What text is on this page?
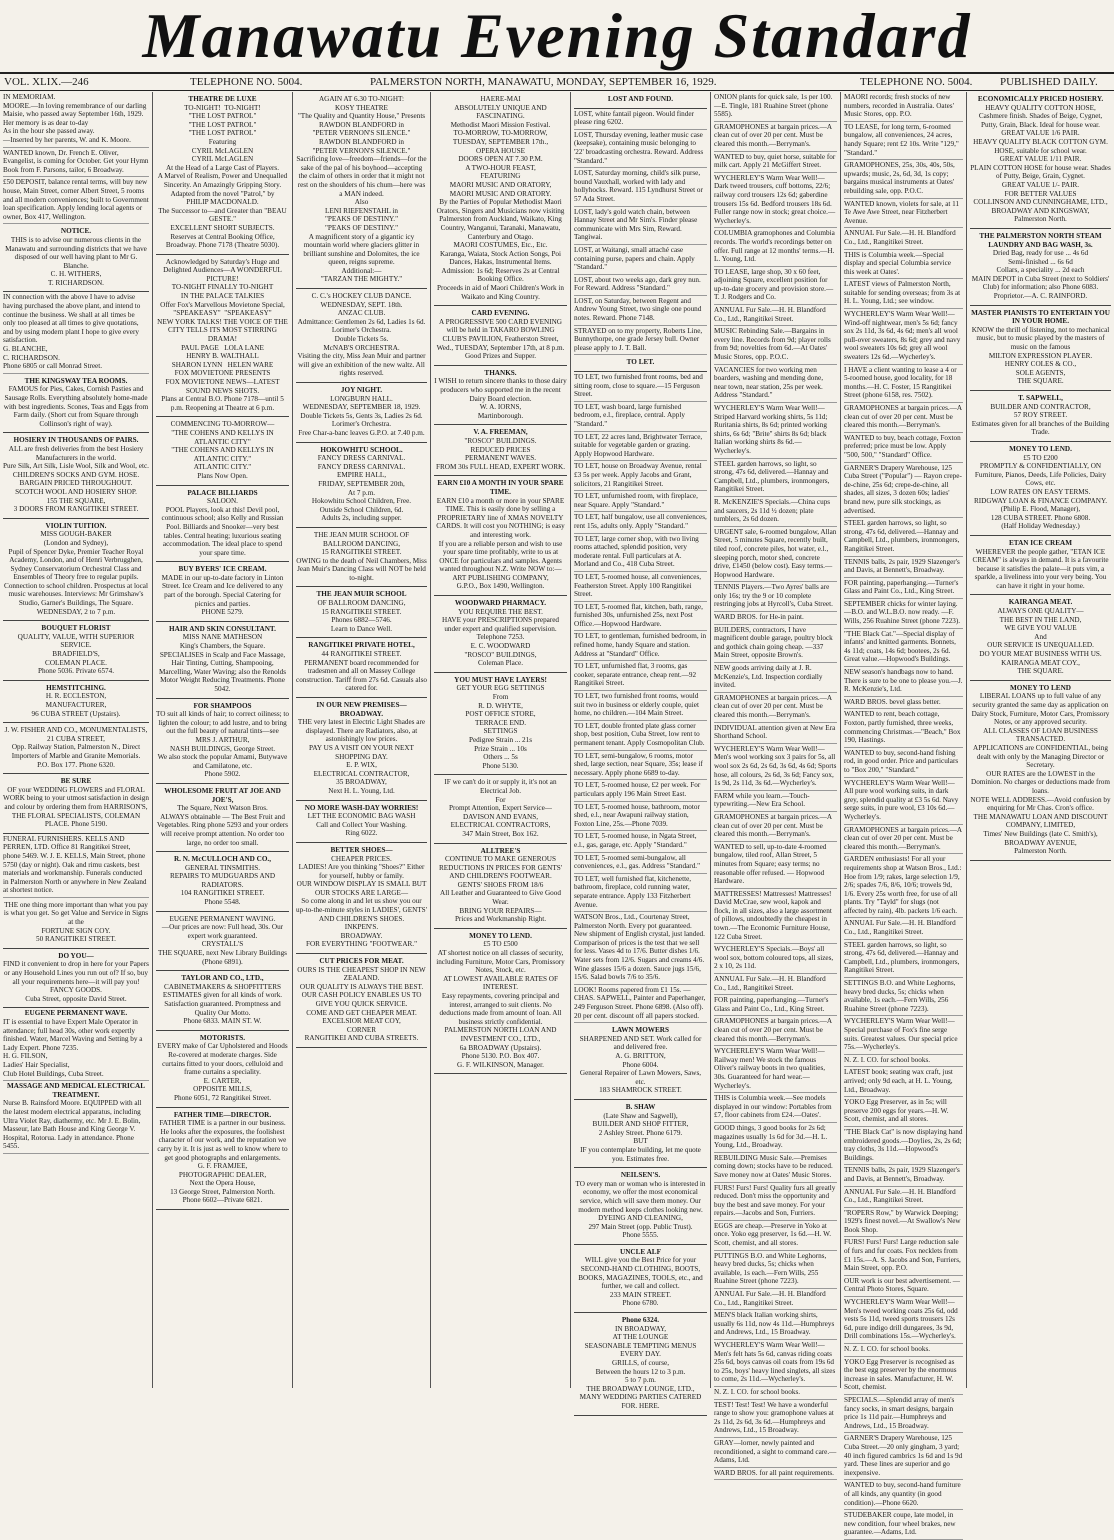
Manawatu Evening Standard
VOL. XLIX.—246	TELEPHONE NO. 5004.	PALMERSTON NORTH, MANAWATU, MONDAY, SEPTEMBER 16, 1929.	TELEPHONE NO. 5004.	PUBLISHED DAILY.
IN MEMORIAM.
MOORE.—In loving remembrance of our darling Maisie, who passed away September 16th, 1929.
Her memory is as dear to-day
As in the hour she passed away.
—Inserted by her parents, W. and K. Moore.
WANTED known, Dr. French E. Oliver, Evangelist, is coming for October. Get your Hymn Book from F. Parsons, tailor, 6 Broadway.
£50 DEPOSIT, balance rental terms, will buy new house, Main Street, corner Albert Street, 5 rooms and all modern conveniences; built to Government loan specification. Apply lending local agents or owner, Box 417, Wellington.
NOTICE.
THIS is to advise our numerous clients in the Manawatu and surrounding districts that we have disposed of our well having plant to Mr G. Blanche.
C. H. WITHERS,
T. RICHARDSON.
IN connection with the above I have to advise having purchased the above plant, and intend to continue the business. We shall at all times be only too pleased at all times to give quotations, and by using modern plant I hope to give every satisfaction.
G. BLANCHE,
C. RICHARDSON.
Phone 6805 or call Monrad Street.
THE KINGSWAY TEA ROOMS.
FAMOUS for Pies, Cakes, Cornish Pasties and Sausage Rolls. Everything absolutely home-made with best ingredients. Scones, Teas and Eggs from Farm daily. (Short cut from Square through Collinson's right of way).
HOSIERY IN THOUSANDS OF PAIRS.
ALL are fresh deliveries from the best Hosiery Manufacturers in the world.
Pure Silk, Art Silk, Lisle Wool, Silk and Wool, etc.
CHILDREN'S SOCKS AND GYM. HOSE.
BARGAIN PRICED THROUGHOUT.
SCOTCH WOOL AND HOSIERY SHOP.
155 THE SQUARE,
3 DOORS FROM RANGITIKEI STREET.
VIOLIN TUITION.
MISS GOUGH-BAKER
(London and Sydney),
Pupil of Spencer Dyke, Premier Teacher Royal Academy, London, and of Henri Verbrugghen, Sydney Conservatorium Orchestral Class and Ensembles of Theory free to regular pupils. Connection to school children. Prospectus at local music warehouses. Interviews: Mr Grimshaw's Studio, Garner's Buildings, The Square.
WEDNESDAY, 2 to 7 p.m.
BOUQUET FLORIST
QUALITY, VALUE, WITH SUPERIOR SERVICE.
BRADFIELD'S,
COLEMAN PLACE.
Phone 5036. Private 6574.
HEMSTITCHING.
H. R. ECCLESTON,
MANUFACTURER,
96 CUBA STREET (Upstairs).
J. W. FISHER AND CO., MONUMENTALISTS, 21 CUBA STREET,
Opp. Railway Station, Palmerston N., Direct Importers of Marble and Granite Memorials.
P.O. Box 177. Phone 6320.
BE SURE
OF your WEDDING FLOWERS and FLORAL WORK being to your utmost satisfaction in design and colour by ordering them from HARRISON'S, THE FLORAL SPECIALISTS, COLEMAN PLACE. Phone 5190.
FUNERAL FURNISHERS. KELLS AND PERREN, LTD. Office 81 Rangitikei Street, phone 5469. W. J. E. KELLS, Main Street, phone 5750 (day or night). Oak and rimu caskets, best materials and workmanship. Funerals conducted in Palmerston North or anywhere in New Zealand at shortest notice.
THE one thing more important than what you pay is what you get. So get Value and Service in Signs at the
FORTUNE SIGN COY.
50 RANGITIKEI STREET.
DO YOU—
FIND it convenient to drop in here for your Papers or any Household Lines you run out of? If so, buy all your requirements here—it will pay you!
FANCY GOODS.
Cuba Street, opposite David Street.
EUGENE PERMANENT WAVE.
IT is essential to have Expert Male Operator in attendance; full head 30s, other work expertly finished. Water, Marcel Waving and Setting by a Lady Expert. Phone 7235.
H. G. FILSON,
Ladies' Hair Specialist,
Club Hotel Buildings, Cuba Street.
MASSAGE AND MEDICAL ELECTRICAL TREATMENT.
Nurse B. Rainsford Moore. EQUIPPED with all the latest modern electrical apparatus, including Ultra Violet Ray, diathermy, etc. Mr J. E. Bolin, Masseur, late Bath House and King George V. Hospital, Rotorua. Lady in attendance. Phone 5455.
THEATRE DE LUXE
TO-NIGHT!  TO-NIGHT!
"THE LOST PATROL"
"THE LOST PATROL"
"THE LOST PATROL"
Featuring
CYRIL McLAGLEN
CYRIL McLAGLEN
At the Head of a Large Cast of Players.
A Marvel of Realism, Power and Unequalled Sincerity. An Amazingly Gripping Story.
Adapted from the novel "Patrol," by
PHILIP MACDONALD.
The Successor to—and Greater than "BEAU GESTE."
EXCELLENT SHORT SUBJECTS.
Reserves at Central Booking Office, Broadway. Phone 7178 (Theatre 5030).
Acknowledged by Saturday's Huge and Delighted Audiences—A WONDERFUL PICTURE!
TO-NIGHT FINALLY TO-NIGHT
IN THE PALACE TALKIES
Offer Fox's Marvellous Movietone Special,
"SPEAKEASY"  "SPEAKEASY"
NEW YORK TALKS! THE VOICE OF THE CITY TELLS ITS MOST STIRRING DRAMA!
PAUL PAGE   LOLA LANE
HENRY B. WALTHALL
SHARON LYNN   HELEN WARE
FOX MOVIETONE PRESENTS
FOX MOVIETONE NEWS—LATEST SOUND NEWS SHOTS.
Plans at Central B.O. Phone 7178—until 5 p.m. Reopening at Theatre at 6 p.m.
COMMENCING TO-MORROW—
"THE COHENS AND KELLYS IN ATLANTIC CITY"
"THE COHENS AND KELLYS IN ATLANTIC CITY."
ATLANTIC CITY."
Plans Now Open.
PALACE BILLIARDS
SALOON.
POOL Players, look at this! Devil pool, continuous school; also Kelly and Russian Pool. Billiards and Snooker—very best tables. Central heating; luxurious seating accommodation. The ideal place to spend your spare time.
BUY BYERS' ICE CREAM.
MADE in our up-to-date factory in Linton Street. Ice Cream and Ice delivered to any part of the borough. Special Catering for picnics and parties.
PHONE 5279.
HAIR AND SKIN CONSULTANT.
MISS NANE MATHESON
King's Chambers, the Square.
SPECIALISES in Scalp and Face Massage, Hair Tinting, Cutting, Shampooing, Marcelling, Water Waving; also the Renolds Motor Weight Reducing Treatments. Phone 5042.
FOR SHAMPOOS
TO suit all kinds of hair; to correct oiliness; to lighten the colour; to add lustre, and to bring out the full beauty of natural tints—see
MRS J. ARTHUR,
NASH BUILDINGS, George Street.
We also stock the popular Amami, Butywave and Camilatone, etc.
Phone 5902.
WHOLESOME FRUIT AT JOE AND JOE'S,
The Square, Next Watson Bros.
ALWAYS obtainable — The Best Fruit and Vegetables. Ring phone 5293 and your orders will receive prompt attention. No order too large, no order too small.
R. N. McCULLOCH AND CO.,
GENERAL TINSMITHS.
REPAIRS TO MUDGUARDS AND RADIATORS.
104 RANGITIKEI STREET.
Phone 5548.
EUGENE PERMANENT WAVING.
—Our prices are now: Full head, 30s. Our expert work guaranteed.
CRYSTALL'S
THE SQUARE, next New Library Buildings (Phone 6891).
TAYLOR AND CO., LTD.,
CABINETMAKERS & SHOPFITTERS
ESTIMATES given for all kinds of work. Satisfaction guaranteed. Promptness and Quality Our Motto.
Phone 6833. MAIN ST. W.
MOTORISTS.
EVERY make of Car Upholstered and Hoods Re-covered at moderate charges. Side curtains fitted to your doors, celluloid and frame curtains a speciality.
E. CARTER,
OPPOSITE MILLS,
Phone 6051, 72 Rangitikei Street.
FATHER TIME—DIRECTOR.
FATHER TIME is a partner in our business. He looks after the exposures, the foolishest character of our work, and the reputation we carry by it. It is just as well to know where to get good photographs and enlargements.
G. F. FRAMJEE,
PHOTOGRAPHIC DEALER,
Next the Opera House,
13 George Street, Palmerston North.
Phone 6602—Private 6821.
AGAIN AT 6.30 TO-NIGHT:
KOSY THEATRE
"The Quality and Quantity House," Presents
RAWDON BLANDFORD in
"PETER VERNON'S SILENCE."
RAWDON BLANDFORD in
"PETER VERNON'S SILENCE."
Sacrificing love—freedom—friends—for the sake of the pal of his boyhood—accepting the claim of others in order that it might not rest on the shoulders of his chum—here was a MAN indeed.
Also
LENI RIEFENSTAHL in
"PEAKS OF DESTINY."
"PEAKS OF DESTINY."
A magnificent story of a gigantic icy mountain world where glaciers glitter in brilliant sunshine and Dolomites, the ice queen, reigns supreme.
Additional:—
"TARZAN THE MIGHTY."
C. C.'s HOCKEY CLUB DANCE.
WEDNESDAY, SEPT. 18th.
ANZAC CLUB.
Admittance: Gentlemen 2s 6d, Ladies 1s 6d. Lorimer's Orchestra.
Double Tickets 5s.
McNAB'S ORCHESTRA.
Visiting the city, Miss Jean Muir and partner will give an exhibition of the new waltz. All rights reserved.
JOY NIGHT.
LONGBURN HALL.
WEDNESDAY, SEPTEMBER 18, 1929.
Double Tickets 5s, Gents 3s, Ladies 2s 6d. Lorimer's Orchestra.
Free Char-a-banc leaves G.P.O. at 7.40 p.m.
HOKOWHITU SCHOOL.
FANCY DRESS CARNIVAL.
FANCY DRESS CARNIVAL.
EMPIRE HALL,
FRIDAY, SEPTEMBER 20th,
At 7 p.m.
Hokowhitu School Children, Free.
Outside School Children, 6d.
Adults 2s, including supper.
THE JEAN MUIR SCHOOL OF BALLROOM DANCING,
15 RANGITIKEI STREET.
OWING to the death of Neil Chambers, Miss Jean Muir's Dancing Class will NOT be held to-night.
THE JEAN MUIR SCHOOL
OF BALLROOM DANCING,
15 RANGITIKEI STREET.
Phones 6882—5746.
Learn to Dance Well.
RANGITIKEI PRIVATE HOTEL,
44 RANGITIKEI STREET.
PERMANENT board recommended for tradesmen and all on Massey College construction. Tariff from 27s 6d. Casuals also catered for.
IN OUR NEW PREMISES—BROADWAY.
THE very latest in Electric Light Shades are displayed. There are Radiators, also, at astonishingly low prices.
PAY US A VISIT ON YOUR NEXT SHOPPING DAY.
E. P. WIX,
ELECTRICAL CONTRACTOR,
35 BROADWAY,
Next H. L. Young, Ltd.
NO MORE WASH-DAY WORRIES!
LET THE ECONOMIC BAG WASH
Call and Collect Your Washing.
Ring 6022.
BETTER SHOES—
CHEAPER PRICES.
LADIES! Are you thinking "Shoes?" Either for yourself, hubby or family.
OUR WINDOW DISPLAY IS SMALL BUT OUR STOCKS ARE LARGE—
So come along in and let us show you our up-to-the-minute styles in LADIES', GENTS' AND CHILDREN'S SHOES.
INKPEN'S.
BROADWAY.
FOR EVERYTHING "FOOTWEAR."
CUT PRICES FOR MEAT.
OURS IS THE CHEAPEST SHOP IN NEW ZEALAND.
OUR QUALITY IS ALWAYS THE BEST.
OUR CASH POLICY ENABLES US TO GIVE YOU QUICK SERVICE.
COME AND GET CHEAPER MEAT.
EXCELSIOR MEAT COY,
CORNER
RANGITIKEI AND CUBA STREETS.
HAERE-MAI
ABSOLUTELY UNIQUE AND FASCINATING.
Methodist Maori Mission Festival.
TO-MORROW, TO-MORROW,
TUESDAY, SEPTEMBER 17th.,
OPERA HOUSE
DOORS OPEN AT 7.30 P.M.
A TWO-HOUR FEAST,
FEATURING
MAORI MUSIC AND ORATORY,
MAORI MUSIC AND ORATORY.
By the Parties of Popular Methodist Maori Orators, Singers and Musicians now visiting Palmerston from Auckland, Waikato, King Country, Wanganui, Taranaki, Manawatu, Canterbury and Otago.
MAORI COSTUMES, Etc., Etc.
Karanga, Waiata, Stock Action Songs, Poi Dances, Hakas, Instrumental Items.
Admission: 1s 6d; Reserves 2s at Central Booking Office.
Proceeds in aid of Maori Children's Work in Waikato and King Country.
CARD EVENING.
A PROGRESSIVE 500 CARD EVENING will be held in TAKARO BOWLING CLUB'S PAVILION, Featherston Street, Wed., TUESDAY, September 17th, at 8 p.m. Good Prizes and Supper.
THANKS.
I WISH to return sincere thanks to those dairy producers who supported me in the recent Dairy Board election.
W. A. IORNS,
Martinborough.
V. A. FREEMAN,
"ROSCO" BUILDINGS.
REDUCED PRICES
PERMANENT WAVES.
FROM 30s FULL HEAD, EXPERT WORK.
EARN £10 A MONTH IN YOUR SPARE TIME.
EARN £10 a month or more in your SPARE TIME. This is easily done by selling a PROPRIETARY line of XMAS NOVELTY CARDS. It will cost you NOTHING; is easy and interesting work.
If you are a reliable person and wish to use your spare time profitably, write to us at ONCE for particulars and samples. Agents wanted throughout N.Z. Write NOW to:—
ART PUBLISHING COMPANY,
G.P.O., Box 1490, Wellington.
WOODWARD PHARMACY.
YOU REQUIRE THE BEST.
HAVE your PRESCRIPTIONS prepared under expert and qualified supervision.
Telephone 7253.
E. C. WOODWARD
"ROSCO" BUILDINGS,
Coleman Place.
YOU MUST HAVE LAYERS!
GET YOUR EGG SETTINGS
From
R. D. WHYTE,
POST OFFICE STORE,
TERRACE END.
SETTINGS
Pedigree Strain ... 21s
Prize Strain ... 10s
Others ... 5s
Phone 5130.
IF we can't do it or supply it, it's not an Electrical Job.
For
Prompt Attention, Expert Service—
DAVISON AND EVANS,
ELECTRICAL CONTRACTORS,
347 Main Street, Box 162.
ALLTREE'S
CONTINUE TO MAKE GENEROUS REDUCTIONS IN PRICES FOR GENTS' AND CHILDREN'S FOOTWEAR.
GENTS' SHOES FROM 18/6
All Leather and Guaranteed to Give Good Wear.
BRING YOUR REPAIRS—
Prices and Workmanship Right.
MONEY TO LEND.
£5 TO £500
AT shortest notice on all classes of security, including Furniture, Motor Cars, Promissory Notes, Stock, etc.
AT LOWEST AVAILABLE RATES OF INTEREST.
Easy repayments, covering principal and interest, arranged to suit clients. No deductions made from amount of loan. All business strictly confidential.
PALMERSTON NORTH LOAN AND INVESTMENT CO., LTD.,
6a BROADWAY (Upstairs).
Phone 5130. P.O. Box 407.
G. F. WILKINSON, Manager.
LOST AND FOUND.
LOST, white fantail pigeon. Would finder please ring 6202.
LOST, Thursday evening, leather music case (keepsake), containing music belonging to '22' broadcasting orchestra. Reward. Address "Standard."
LOST, Saturday morning, child's silk purse, bound Vauxhall, worked with lady and hollyhocks. Reward. 115 Lyndhurst Street or 57 Ada Street.
LOST, lady's gold watch chain, between Hannay Street and Mr Sim's. Finder please communicate with Mrs Sim, Reward. Tangiwai.
LOST, at Waitangi, small attaché case containing purse, papers and chain. Apply "Standard."
LOST, about two weeks ago, dark grey nun. For Reward. Address "Standard."
LOST, on Saturday, between Regent and Andrew Young Street, two single one pound notes. Reward. Phone 7148.
STRAYED on to my property, Roberts Line, Bunnythorpe, one grade Jersey bull. Owner please apply to J. T. Ball.
TO LET.
TO LET, two furnished front rooms, bed and sitting room, close to square.—15 Ferguson Street.
TO LET, wash board, large furnished bedroom, e.l., fireplace, central. Apply "Standard."
TO LET, 22 acres land, Brightwater Terrace, suitable for vegetable garden or grazing. Apply Hopwood Hardware.
TO LET, house on Broadway Avenue, rental £3 5s per week. Apply Jacobs and Grant, solicitors, 21 Rangitikei Street.
TO LET, unfurnished room, with fireplace, near Square. Apply "Standard."
TO LET, half bungalow, use all conveniences, rent 15s, adults only. Apply "Standard."
TO LET, large corner shop, with two living rooms attached, splendid position, very moderate rental. Full particulars at A. Morland and Co., 418 Cuba Street.
TO LET, 5-roomed house, all conveniences, Featherston Street. Apply 100 Rangitikei Street.
TO LET, 5-roomed flat, kitchen, bath, range, furnished 30s, unfurnished 25s, next Post Office.—Hopwood Hardware.
TO LET, to gentleman, furnished bedroom, in refined home, handy Square and station. Address at "Standard" Office.
TO LET, unfurnished flat, 3 rooms, gas cooker, separate entrance, cheap rent.—92 Rangitikei Street.
TO LET, two furnished front rooms, would suit two in business or elderly couple, quiet home, no children.—104 Main Street.
TO LET, double fronted plate glass corner shop, best position, Cuba Street, low rent to permanent tenant. Apply Cosmopolitan Club.
TO LET, semi-bungalow, 6 rooms, motor shed, large section, near Square, 35s; lease if necessary. Apply phone 6689 to-day.
TO LET, 5-roomed house, £2 per week. For particulars apply 196 Main Street East.
TO LET, 5-roomed house, bathroom, motor shed, e.l., near Awapuni railway station, Foxton Line, 25s.—Phone 7039.
TO LET, 5-roomed house, in Ngata Street, e.l., gas, garage, etc. Apply "Standard."
TO LET, 5-roomed semi-bungalow, all conveniences, e.l., gas. Address "Standard."
TO LET, well furnished flat, kitchenette, bathroom, fireplace, cold running water, separate entrance. Apply 133 Fitzherbert Avenue.
WATSON Bros., Ltd., Courtenay Street, Palmerston North. Every pot guaranteed. New shipment of English crystal, just landed. Comparison of prices is the test that we sell for less. Vases 4d to 17/6. Butter dishes 1/6. Water sets from 12/6. Sugars and creams 4/6. Wine glasses 15/6 a dozen. Sauce jugs 15/6, 15/6. Salad bowls 7/6 to 35/6.
LOOK! Rooms papered from £1 15s. —CHAS. SAPWELL, Painter and Paperhanger, 249 Ferguson Street. Phone 6898. (Also off). 20 per cent. discount off all papers stocked.
LAWN MOWERS
SHARPENED AND SET. Work called for and delivered free.
A. G. BRITTON,
Phone 6004.
General Repairer of Lawn Mowers, Saws, etc.
183 SHAMROCK STREET.
B. SHAW
(Late Shaw and Sagwell),
BUILDER AND SHOP FITTER,
2 Ashley Street. Phone 6179.
BUT
IF you contemplate building, let me quote you. Estimates free.
NEILSEN'S.
TO every man or woman who is interested in economy, we offer the most economical service, which will save them money. Our modern method keeps clothes looking new.
DYEING AND CLEANING,
297 Main Street (opp. Public Trust).
Phone 5555.
UNCLE ALF
WILL give you the Best Price for your SECOND-HAND CLOTHING, BOOTS, BOOKS, MAGAZINES, TOOLS, etc., and further, we call and collect.
233 MAIN STREET.
Phone 6780.
Phone 6324.
IN BROADWAY,
AT THE LOUNGE
SEASONABLE TEMPTING MENUS EVERY DAY.
GRILLS, of course,
Between the hours 12 to 3 p.m.
5 to 7 p.m.
THE BROADWAY LOUNGE, LTD.,
MANY WEDDING PARTIES CATERED FOR. HERE.
ONION plants for quick sale, 1s per 100.—E. Tingle, 181 Ruahine Street (phone 5585).
GRAMOPHONES at bargain prices.—A clean cut of over 20 per cent. Must be cleared this month.—Berryman's.
WANTED to buy, quiet horse, suitable for milk cart. Apply 21 McGiffert Street.
WYCHERLEY'S Warm Wear Well!—Dark tweed trousers, cuff bottoms, 22/6; railway cord trousers 12s 6d; gaberdine trousers 15s 6d. Bedford trousers 18s 6d. Fuller range now in stock; great choice.—Wycherley's.
COLUMBIA gramophones and Columbia records. The world's recordings better on offer. Full range at 12 months' terms.—H. L. Young, Ltd.
TO LEASE, large shop, 30 x 60 feet, adjoining Square, excellent position for up-to-date grocery and provision store.—T. J. Rodgers and Co.
ANNUAL Fur Sale.—H. H. Blandford Co., Ltd., Rangitikei Street.
MUSIC Rebinding Sale.—Bargains in every line. Records from 9d; player rolls from 9d; novelties from 6d.—At Oates' Music Stores, opp. P.O.C.
VACANCIES for two working men boarders, washing and mending done, near town, near station, 25s per week. Address "Standard."
WYCHERLEY'S Warm Wear Well!—Striped Harvard working shirts, 5s 11d; Ruritania shirts, 8s 6d; printed working shirts, 6s 6d; "Brite" shirts 8s 6d; black Italian working shirts 8s 6d.—Wycherley's.
STEEL garden harrows, so light, so strong, 47s 6d, delivered.—Hannay and Campbell, Ltd., plumbers, ironmongers, Rangitikei Street.
R. McKENZIE'S Specials.—China cups and saucers, 2s 11d ½ dozen; plate tumblers, 2s 6d dozen.
URGENT sale, 6-roomed bungalow, Allan Street, 5 minutes Square, recently built, tiled roof, concrete piles, hot water, e.l., sleeping porch, motor shed, concrete drive, £1450 (below cost). Easy terms.—Hopwood Hardware.
TENNIS Players.—Two Ayres' balls are only 16s; try the 9 or 10 complete restringing jobs at Hyrcoll's, Cuba Street.
WARD BROS. for He-in paint.
BUILDERS, contractors, I have magnificent double garage, poultry block and gothick chain going cheap. —337 Main Street, opposite Brown's.
NEW goods arriving daily at J. R. McKenzie's, Ltd. Inspection cordially invited.
GRAMOPHONES at bargain prices.—A clean cut of over 20 per cent. Must be cleared this month.—Berryman's.
INDIVIDUAL attention given at New Era Shorthand School.
WYCHERLEY'S Warm Wear Well!—Men's wool working sox 3 pairs for 5s, all wool sox 2s 6d, 2s 6d, 3s 6d, 4s 6d; Sports hose, all colours, 2s 6d, 3s 6d; Fancy sox, 1s 9d, 2s 11d, 3s 6d.—Wycherley's.
FARM while you learn.—Touch-typewriting.—New Era School.
GRAMOPHONES at bargain prices.—A clean cut of over 20 per cent. Must be cleared this month.—Berryman's.
WANTED to sell, up-to-date 4-roomed bungalow, tiled roof, Allan Street, 5 minutes from Square; easy terms; no reasonable offer refused. — Hopwood Hardware.
MATTRESSES! Mattresses! Mattresses! David McCrae, sew wool, kapok and flock, in all sizes, also a large assortment of pillows, undoubtedly the cheapest in town.—The Economic Furniture House, 122 Cuba Street.
WYCHERLEY'S Specials.—Boys' all wool sox, bottom coloured tops, all sizes, 2 x 10, 2s 11d.
ANNUAL Fur Sale.—H. H. Blandford Co., Ltd., Rangitikei Street.
FOR painting, paperhanging.—Turner's Glass and Paint Co., Ltd., King Street.
GRAMOPHONES at bargain prices.—A clean cut of over 20 per cent. Must be cleared this month.—Berryman's.
WYCHERLEY'S Warm Wear Well!—Railway men! We stock the famous Oliver's railway boots in two qualities, 30s. Guaranteed for hard wear.—Wycherley's.
THIS is Columbia week.—See models displayed in our window: Portables from £7, floor cabinets from £24.—Oates'.
GOOD things, 3 good books for 2s 6d; magazines usually 1s 6d for 3d.—H. L. Young, Ltd., Broadway.
REBUILDING Music Sale.—Premises coming down; stocks have to be reduced. Save money now at Oates' Music Stores.
FURS! Furs! Furs! Quality furs all greatly reduced. Don't miss the opportunity and buy the best and save money. For your repairs.—Jacobs and Son, Furriers.
EGGS are cheap.—Preserve in Yoko at once. Yoko egg preserver, 1s 6d.—H. W. Scott, chemist, and all stores.
PUTTINGS B.O. and White Leghorns, heavy bred ducks, 5s; chicks when available, 1s each.—Fern Wills, 255 Ruahine Street (phone 7223).
ANNUAL Fur Sale.—H. H. Blandford Co., Ltd., Rangitikei Street.
MEN'S black Italian working shirts, usually 6s 11d, now 4s 11d.—Humphreys and Andrews, Ltd., 15 Broadway.
WYCHERLEY'S Warm Wear Well!—Men's felt hats 5s 6d, canvas riding coats 25s 6d, boys canvas oil coats from 19s 6d to 25s, boys' heavy lined singlets, all sizes to come, 2s 11d.—Wycherley's.
N. Z. I. CO. for school books.
TEST! Test! Test! We have a wonderful range to show you: gramophone values at 2s 11d, 2s 6d, 3s 6d.—Humphreys and Andrews, Ltd., 15 Broadway.
GRAY—lorner, newly painted and reconditioned, a sight to command care.—Adams, Ltd.
WARD BROS. for all paint requirements.
MAORI records; fresh stocks of new numbers, recorded in Australia. Oates' Music Stores, opp. P.O.
TO LEASE, for long term, 6-roomed bungalow, all conveniences, 24 acres, handy Square; rent £2 10s. Write "129," "Standard."
GRAMOPHONES, 25s, 30s, 40s, 50s, upwards; music, 2s, 6d, 3d, 1s copy; bargains musical instruments at Oates' rebuilding sale, opp. P.O.C.
WANTED known, violets for sale, at 11 Te Awe Awe Street, near Fitzherbert Avenue.
ANNUAL Fur Sale.—H. H. Blandford Co., Ltd., Rangitikei Street.
THIS is Columbia week.—Special display and special Columbia service this week at Oates'.
LATEST views of Palmerston North, suitable for sending overseas; from 3s at H. L. Young, Ltd.; see window.
WYCHERLEY'S Warm Wear Well!—Wind-off nightwear, men's 5s 6d; fancy sox 2s 11d, 3s 6d, 4s 6d; men's all wool pull-over sweaters, 8s 6d; grey and navy wool sweaters 10s 6d; grey all wool sweaters 12s 6d.—Wycherley's.
I HAVE a client wanting to lease a 4 or 5-roomed house, good locality, for 18 months.—H. C. Foster, 15 Rangitikei Street (phone 6158, res. 7502).
GRAMOPHONES at bargain prices.—A clean cut of over 20 per cent. Must be cleared this month.—Berryman's.
WANTED to buy, beach cottage, Foxton preferred; price must be low. Apply "500, 500," "Standard" Office.
GARNER'S Drapery Warehouse, 125 Cuba Street ("Popular") — Rayon crepe-de-chine, 25s 6d; crepe-de-chine, all shades, all sizes, 3 dozen 60s; ladies' brand new, pure silk stockings, as advertised.
STEEL garden harrows, so light, so strong, 47s 6d, delivered.—Hannay and Campbell, Ltd., plumbers, ironmongers, Rangitikei Street.
TENNIS balls, 2s pair, 1929 Slazenger's and Davis, at Bennett's, Broadway.
FOR painting, paperhanging.—Turner's Glass and Paint Co., Ltd., King Street.
SEPTEMBER chicks for winter laying.—B.O. and W.L.B.O. now ready. —F. Wills, 256 Ruahine Street (phone 7223).
"THE Black Cat."—Special display of infants' and knitted garments. Bonnets, 4s 11d; coats, 14s 6d; bootees, 2s 6d. Great value.—Hopwood's Buildings.
NEW season's handbags now to hand. There is sure to be one to please you.—J. R. McKenzie's, Ltd.
WARD BROS. bevel glass better.
WANTED to rent, beach cottage, Foxton, partly furnished, three weeks, commencing Christmas.—"Beach," Box 190, Hastings.
WANTED to buy, second-hand fishing rod, in good order. Price and particulars to "Box 200," "Standard."
WYCHERLEY'S Warm Wear Well!—All pure wool working suits, in dark grey, splendid quality at £3 5s 6d. Navy serge suits, in pure wool, £3 10s 6d.—Wycherley's.
GRAMOPHONES at bargain prices.—A clean cut of over 20 per cent. Must be cleared this month.—Berryman's.
GARDEN enthusiasts! For all your requirements shop at Watson Bros., Ltd.: Hoe from 1/9; rakes, large selection 1/9, 2/6; spades 7/6, 8/6, 10/6; trowels 9d, 1/6. Every 25s worth free, for use of all plants. Try "Tayld" for slugs (not affected by rain), 4lb. packets 1/6 each.
ANNUAL Fur Sale.—H. H. Blandford Co., Ltd., Rangitikei Street.
STEEL garden harrows, so light, so strong, 47s 6d, delivered.—Hannay and Campbell, Ltd., plumbers, ironmongers, Rangitikei Street.
SETTINGS B.O. and White Leghorns, heavy bred ducks, 5s; chicks when available, 1s each.—Fern Wills, 256 Ruahine Street (phone 7223).
WYCHERLEY'S Warm Wear Well!—Special purchase of Fox's fine serge suits. Greatest values. Our special price 75s.—Wycherley's.
N. Z. I. CO. for school books.
LATEST book; seating wax craft, just arrived; only 9d each, at H. L. Young, Ltd., Broadway.
YOKO Egg Preserver, as in 5s; will preserve 200 eggs for years.—H. W. Scott, chemist, and all stores.
"THE Black Cat" is now displaying hand embroidered goods.—Doylies, 2s, 2s 6d; tray cloths, 3s 11d.—Hopwood's Buildings.
TENNIS balls, 2s pair, 1929 Slazenger's and Davis, at Bennett's, Broadway.
ANNUAL Fur Sale.—H. H. Blandford Co., Ltd., Rangitikei Street.
"ROPERS Row," by Warwick Deeping; 1929's finest novel.—At Swallow's New Book Shop.
FURS! Furs! Furs! Large reduction sale of furs and fur coats. Fox necklets from £1 15s.—A. S. Jacobs and Son, Furriers, Main Street, opp. P.O.
OUR work is our best advertisement. —Central Photo Stores, Square.
WYCHERLEY'S Warm Wear Well!—Men's tweed working coats 25s 6d, odd vests 5s 11d, tweed sports trousers 12s 6d, pure indigo drill dungarees, 3s 9d, Drill combinations 15s.—Wycherley's.
N. Z. I. CO. for school books.
YOKO Egg Preserver is recognised as the best egg preserver by the enormous increase in sales. Manufacturer, H. W. Scott, chemist.
SPECIALS.—Splendid array of men's fancy socks, in smart designs, bargain price 1s 11d pair.—Humphreys and Andrews, Ltd., 15 Broadway.
GARNER'S Drapery Warehouse, 125 Cuba Street.—20 only gingham, 3 yard; 40 inch figured cambrics 1s 6d and 1s 9d yard. These lines are superior and go inexpensive.
WANTED to buy, second-hand furniture of all kinds, any quantity (in good condition).—Phone 6620.
STUDEBAKER coupe, late model, in new condition, four wheel brakes, new guarantee.—Adams, Ltd.
ECONOMICALLY PRICED HOSIERY.
HEAVY QUALITY COTTON HOSE, Cashmere finish. Shades of Beige, Cygnet, Putty, Grain, Black. Ideal for house wear.
GREAT VALUE 1/6 PAIR.
HEAVY QUALITY BLACK COTTON GYM. HOSE, suitable for school wear.
GREAT VALUE 1/11 PAIR.
PLAIN COTTON HOSE for house wear. Shades of Putty, Beige, Grain, Cygnet.
GREAT VALUE 1/- PAIR.
FOR BETTER VALUES
COLLINSON AND CUNNINGHAME, LTD.,
BROADWAY AND KINGSWAY,
Palmerston North.
THE PALMERSTON NORTH STEAM LAUNDRY AND BAG WASH, 3s.
Dried Bag, ready for use ... 4s 6d
Semi-finished ... 6s 6d
Collars, a speciality ... 2d each
MAIN DEPOT in Cuba Street (next to Soldiers' Club) for information; also Phone 6083.
Proprietor.—A. C. RAINFORD.
MASTER PIANISTS TO ENTERTAIN YOU IN YOUR HOME.
KNOW the thrill of listening, not to mechanical music, but to music played by the masters of music on the famous
MILTON EXPRESSION PLAYER.
HENRY COLES & CO.,
SOLE AGENTS,
THE SQUARE.
T. SAPWELL,
BUILDER AND CONTRACTOR,
57 ROY STREET.
Estimates given for all branches of the Building Trade.
MONEY TO LEND.
£5 TO £200
PROMPTLY & CONFIDENTIALLY, ON Furniture, Pianos, Deeds, Life Policies, Dairy Cows, etc.
LOW RATES ON EASY TERMS.
RIDGWAY LOAN & FINANCE COMPANY.
(Philip E. Flood, Manager),
128 CUBA STREET. Phone 6808.
(Half Holiday Wednesday.)
ETAN ICE CREAM
WHEREVER the people gather, "ETAN ICE CREAM" is always in demand. It is a favourite because it satisfies the palate—it puts vim, a sparkle, a liveliness into your very being. You can have it right in your home.
KAIRANGA MEAT.
ALWAYS ONE QUALITY—
THE BEST IN THE LAND,
WE GIVE YOU VALUE
And
OUR SERVICE IS UNEQUALLED.
DO YOUR MEAT BUSINESS WITH US.
KAIRANGA MEAT COY.,
THE SQUARE.
MONEY TO LEND
LIBERAL LOANS up to full value of any security granted the same day as application on Dairy Stock, Furniture, Motor Cars, Promissory Notes, or any approved security.
ALL CLASSES OF LOAN BUSINESS TRANSACTED.
APPLICATIONS are CONFIDENTIAL, being dealt with only by the Managing Director or Secretary.
OUR RATES are the LOWEST in the Dominion. No charges or deductions made from loans.
NOTE WELL ADDRESS.—Avoid confusion by enquiring for Mr Chas. Cron's office.
THE MANAWATU LOAN AND DISCOUNT COMPANY, LIMITED,
Times' New Buildings (late C. Smith's),
BROADWAY AVENUE,
Palmerston North.
